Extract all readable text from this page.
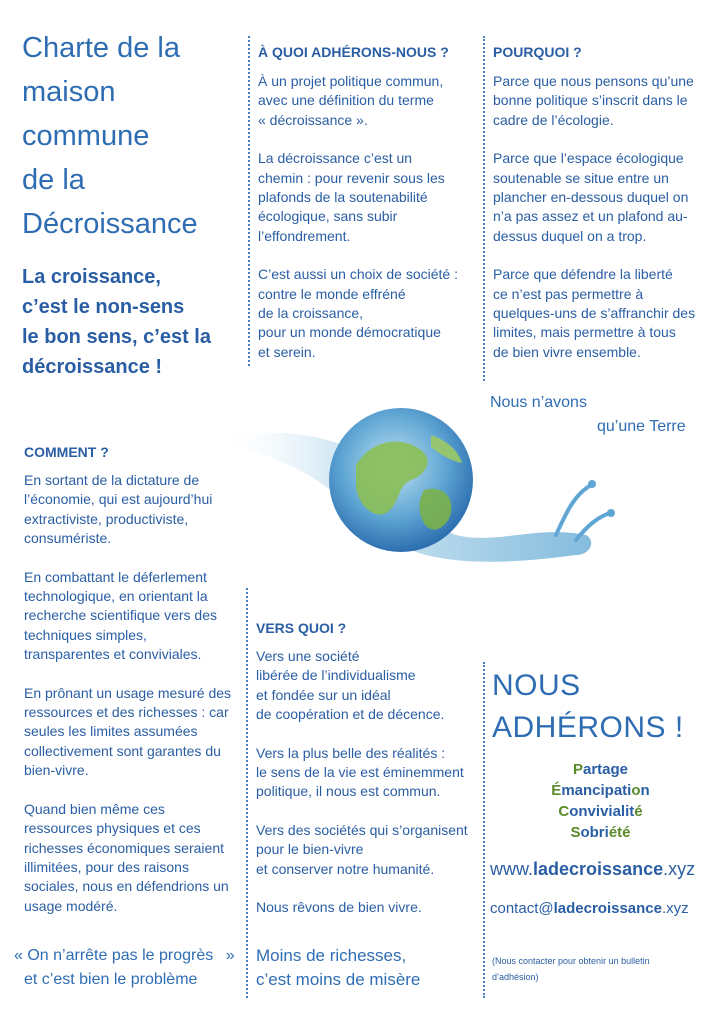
Charte de la
maison
commune
de la
Décroissance
La croissance,
c’est le non-sens
le bon sens, c’est la
décroissance !
À QUOI ADHÉRONS-NOUS ?
À un projet politique commun,
avec une définition du terme
« décroissance ».
La décroissance c’est un
chemin : pour revenir sous les
plafonds de la soutenabilité
écologique, sans subir
l’effondrement.
C’est aussi un choix de société :
contre le monde effréné
de la croissance,
pour un monde démocratique
et serein.
POURQUOI ?
Parce que nous pensons qu’une
bonne politique s’inscrit dans le
cadre de l’écologie.
Parce que l’espace écologique
soutenable se situe entre un
plancher en-dessous duquel on
n’a pas assez et un plafond au-
dessus duquel on a trop.
Parce que défendre la liberté
ce n’est pas permettre à
quelques-uns de s’affranchir des
limites, mais permettre à tous
de bien vivre ensemble.
Nous n’avons
qu’une Terre
COMMENT ?
En sortant de la dictature de
l’économie, qui est aujourd’hui
extractiviste, productiviste,
consumériste.
En combattant le déferlement
technologique, en orientant la
recherche scientifique vers des
techniques simples,
transparentes et conviviales.
En prônant un usage mesuré des
ressources et des richesses : car
seules les limites assumées
collectivement sont garantes du
bien-vivre.
Quand bien même ces
ressources physiques et ces
richesses économiques seraient
illimitées, pour des raisons
sociales, nous en défendrions un
usage modéré.
VERS QUOI ?
Vers une société
libérée de l’individualisme
et fondée sur un idéal
de coopération et de décence.
Vers la plus belle des réalités :
le sens de la vie est éminemment
politique, il nous est commun.
Vers des sociétés qui s’organisent
pour le bien-vivre
et conserver notre humanité.
Nous rêvons de bien vivre.
« On n’arrête pas le progrès »
et c’est bien le problème
Moins de richesses,
c’est moins de misère
NOUS
ADHÉRONS !
Partage
Émancipation
Convivialité
Sobriété
www.ladecroissance.xyz
contact@ladecroissance.xyz
(Nous contacter pour obtenir un bulletin
d’adhésion)
